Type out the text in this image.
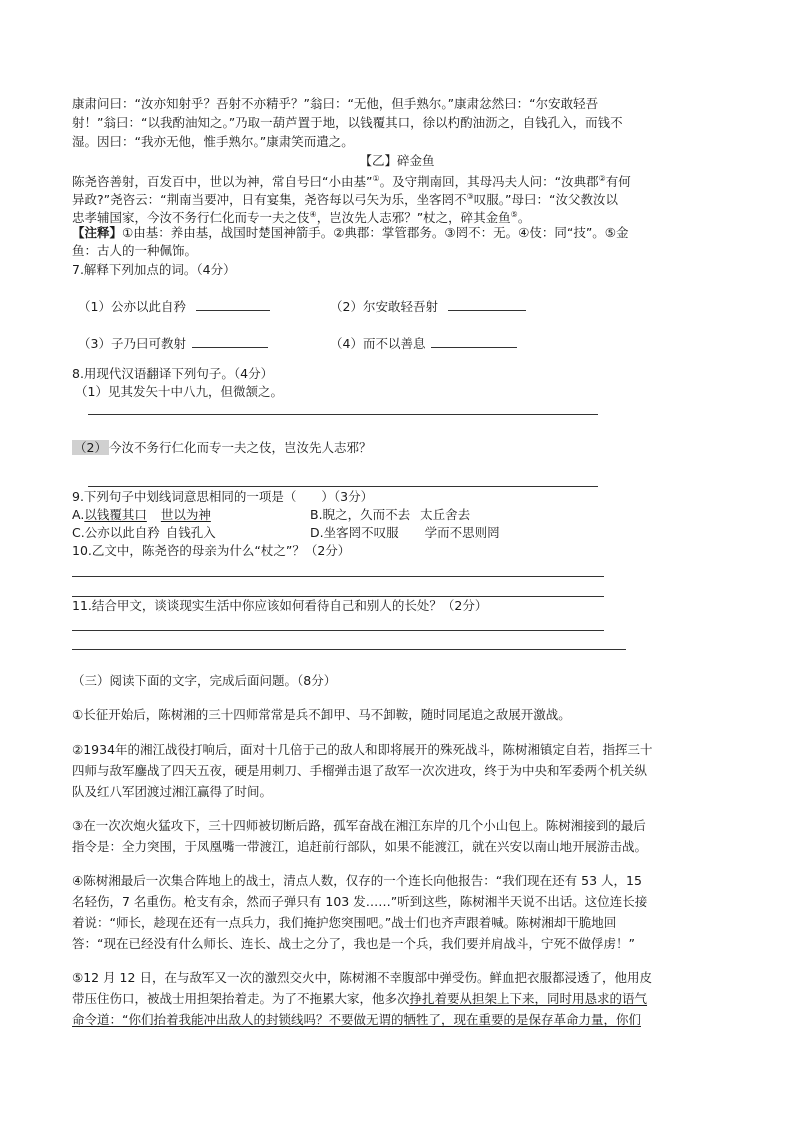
康肃问曰：“汝亦知射乎？吾射不亦精乎？”翁曰：“无他，但手熟尔。”康肃忿然曰：“尔安敢轻吾
射！”翁曰：“以我酌油知之。”乃取一葫芦置于地，以钱覆其口，徐以杓酌油沥之，自钱孔入，而钱不
湿。因曰：“我亦无他，惟手熟尔。”康肃笑而遣之。
【乙】碎金鱼
陈尧咨善射，百发百中，世以为神，常自号曰“小由基”①。及守荆南回，其母冯夫人问：“汝典郡②有何
异政?”尧咨云：“荆南当要冲，日有宴集，尧咨每以弓矢为乐，坐客罔不③叹服。”母曰：“汝父教汝以
忠孝辅国家，今汝不务行仁化而专一夫之伎④，岂汝先人志邪？”杖之，碎其金鱼⑤。
【注释】①由基：养由基，战国时楚国神箭手。②典郡：掌管郡务。③罔不：无。④伎：同“技”。⑤金
鱼：古人的一种佩饰。
7.解释下列加点的词。（4分）
（1）公亦以此自矜	（2）尔安敢轻吾射
（3）子乃曰可教射	（4）而不以善息
8.用现代汉语翻译下列句子。（4分）
（1）见其发矢十中八九，但微颔之。
（2） 今汝不务行仁化而专一夫之伎，岂汝先人志邪？
9.下列句子中划线词意思相同的一项是（　　）（3分）
A.以钱覆其口 世以为神	B.睨之，久而不去 太丘舍去
C.公亦以此自矜 自钱孔入	D.坐客罔不叹服 学而不思则罔
10.乙文中，陈尧咨的母亲为什么“杖之”？（2分）
11.结合甲文，谈谈现实生活中你应该如何看待自己和别人的长处？（2分）
（三）阅读下面的文字，完成后面问题。（8分）
①长征开始后，陈树湘的三十四师常常是兵不卸甲、马不卸鞍，随时同尾追之敌展开激战。
②1934年的湘江战役打响后，面对十几倍于己的敌人和即将展开的殊死战斗，陈树湘镇定自若，指挥三十
四师与敌军鏖战了四天五夜，硬是用刺刀、手榴弹击退了敌军一次次进攻，终于为中央和军委两个机关纵
队及红八军团渡过湘江赢得了时间。
③在一次次炮火猛攻下，三十四师被切断后路，孤军奋战在湘江东岸的几个小山包上。陈树湘接到的最后
指令是：全力突围，于凤凰嘴一带渡江，追赶前行部队，如果不能渡江，就在兴安以南山地开展游击战。
④陈树湘最后一次集合阵地上的战士，清点人数，仅存的一个连长向他报告：“我们现在还有 53 人，15
名轻伤，7 名重伤。枪支有余，然而子弹只有 103 发……”听到这些，陈树湘半天说不出话。这位连长接
着说：“师长，趁现在还有一点兵力，我们掩护您突围吧。”战士们也齐声跟着喊。陈树湘却干脆地回
答：“现在已经没有什么师长、连长、战士之分了，我也是一个兵，我们要并肩战斗，宁死不做俘虏！”
⑤12 月 12 日，在与敌军又一次的激烈交火中，陈树湘不幸腹部中弹受伤。鲜血把衣服都浸透了，他用皮
带压住伤口，被战士用担架抬着走。为了不拖累大家，他多次挣扎着要从担架上下来，同时用恳求的语气
命令道：“你们抬着我能冲出敌人的封锁线吗？不要做无谓的牺牲了，现在重要的是保存革命力量，你们
